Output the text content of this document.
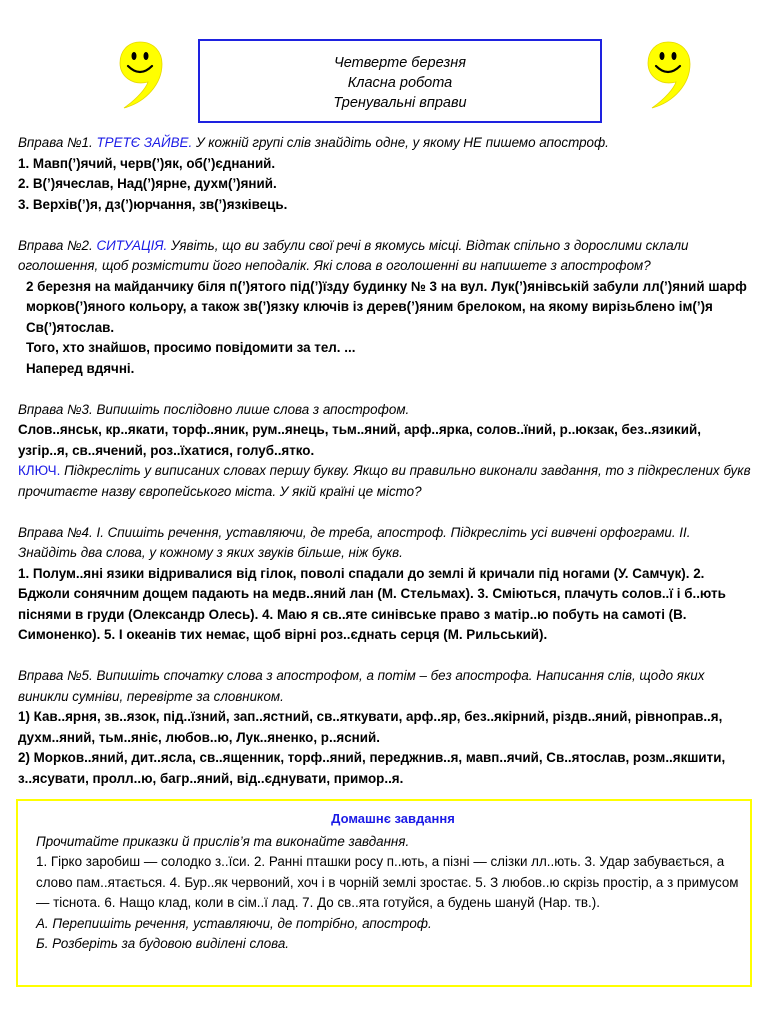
Четверте березня
Класна робота
Тренувальні вправи

Вправа №1. ТРЕТЄ ЗАЙВЕ. У кожній групі слів знайдіть одне, у якому НЕ пишемо апостроф.

1. Мавп(’)ячий, черв(’)як, об(’)єднаний.

2. В(’)ячеслав, Над(’)ярне, духм(’)яний.

3. Верхів(’)я, дз(’)юрчання, зв(’)язківець.

Вправа №2. СИТУАЦІЯ. Уявіть, що ви забули свої речі в якомусь місці. Відтак спільно з дорослими склали оголошення, щоб розмістити його неподалік. Які слова в оголошенні ви напишете з апострофом?

2 березня на майданчику біля п(’)ятого під(’)їзду будинку № 3 на вул. Лук(’)янівській забули лл(’)яний шарф морков(’)яного кольору, а також зв(’)язку ключів із дерев(’)яним брелоком, на якому вирізьблено ім(’)я Св(’)ятослав.

Того, хто знайшов, просимо повідомити за тел. ...

Наперед вдячні.

Вправа №3. Випишіть послідовно лише слова з апострофом.

Слов..янськ, кр..якати, торф..яник, рум..янець, тьм..яний, арф..ярка, солов..їний, р..юкзак, без..язикий, узгір..я, св..ячений, роз..їхатися, голуб..ятко.

КЛЮЧ. Підкресліть у виписаних словах першу букву. Якщо ви правильно виконали завдання, то з підкреслених букв прочитаєте назву європейського міста. У якій країні це місто?

Вправа №4. І. Спишіть речення, уставляючи, де треба, апостроф. Підкресліть усі вивчені орфограми. ІІ. Знайдіть два слова, у кожному з яких звуків більше, ніж букв.

1. Полум..яні язики відривалися від гілок, поволі спадали до землі й кричали під ногами (У. Самчук). 2. Бджоли сонячним дощем падають на медв..яний лан (М. Стельмах). 3. Сміються, плачуть солов..ї і б..ють піснями в груди (Олександр Олесь). 4. Маю я св..яте синівське право з матір..ю побуть на самоті (В. Симоненко). 5. І океанів тих немає, щоб вірні роз..єднать серця (М. Рильський).

Вправа №5. Випишіть спочатку слова з апострофом, а потім – без апострофа. Написання слів, щодо яких виникли сумніви, перевірте за словником.

1) Кав..ярня, зв..язок, під..їзний, зап..ястний, св..яткувати, арф..яр, без..якірний, різдв..яний, рівноправ..я, духм..яний, тьм..яніє, любов..ю, Лук..яненко, р..ясний.

2) Морков..яний, дит..ясла, св..ященник, торф..яний, переджнив..я, мавп..ячий, Св..ятослав, розм..якшити, з..ясувати, пролл..ю, багр..яний, від..єднувати, примор..я.

Домашнє завдання

Прочитайте приказки й прислів’я та виконайте завдання.

1. Гірко заробиш — солодко з..їси. 2. Ранні пташки росу п..ють, а пізні — слізки лл..ють. 3. Удар забувається, а слово пам..ятається. 4. Бур..як червоний, хоч і в чорній землі зростає. 5. З любов..ю скрізь простір, а з примусом — тіснота. 6. Нащо клад, коли в сім..ї лад. 7. До св..ята готуйся, а будень шануй (Нар. тв.).

А. Перепишіть речення, уставляючи, де потрібно, апостроф.

Б. Розберіть за будовою виділені слова.
